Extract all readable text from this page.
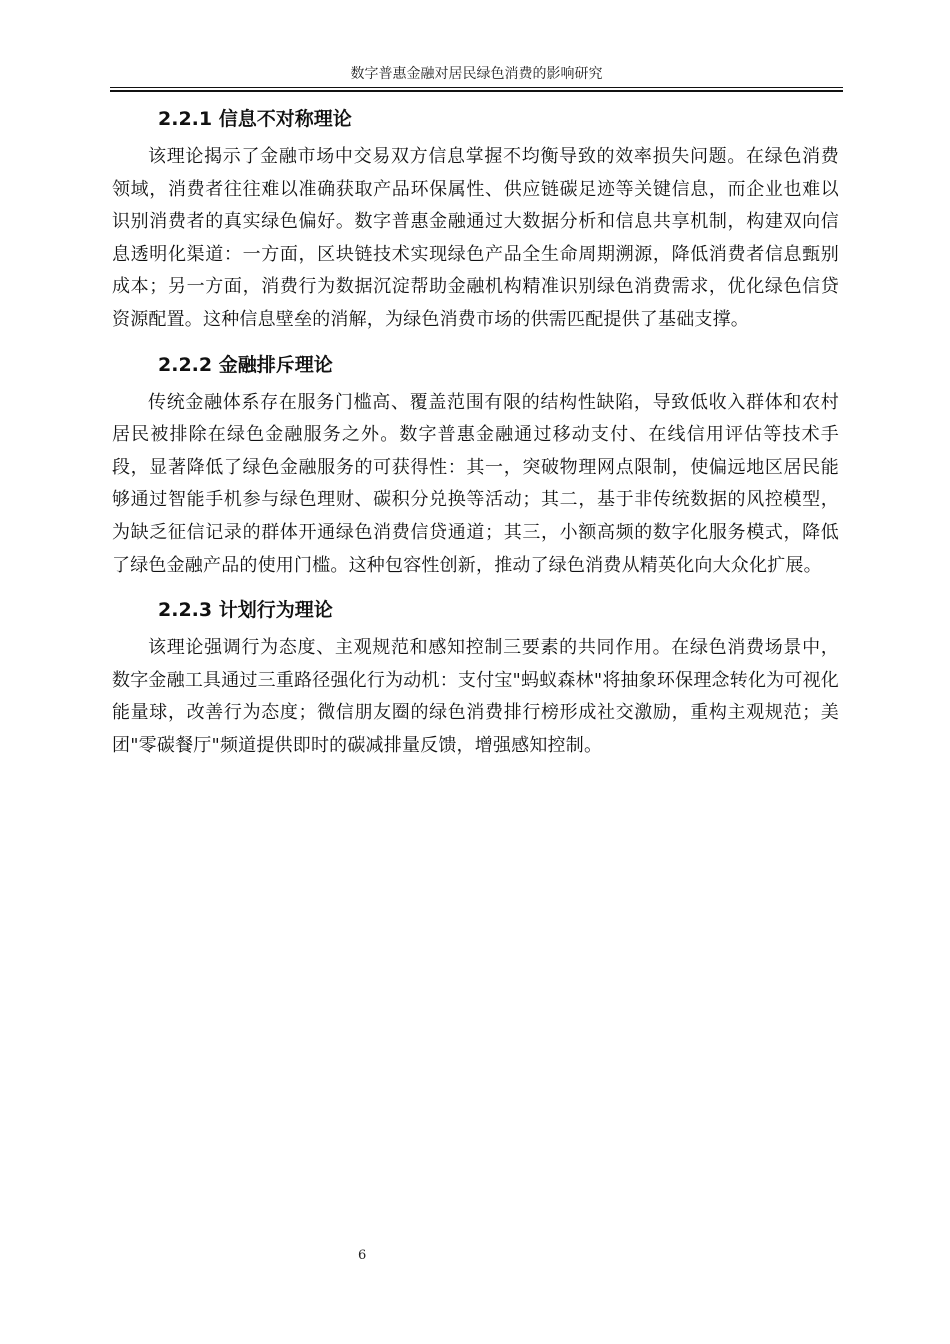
数字普惠金融对居民绿色消费的影响研究
2.2.1 信息不对称理论

该理论揭示了金融市场中交易双方信息掌握不均衡导致的效率损失问题。在绿色消费领域，消费者往往难以准确获取产品环保属性、供应链碳足迹等关键信息，而企业也难以识别消费者的真实绿色偏好。数字普惠金融通过大数据分析和信息共享机制，构建双向信息透明化渠道：一方面，区块链技术实现绿色产品全生命周期溯源，降低消费者信息甄别成本；另一方面，消费行为数据沉淀帮助金融机构精准识别绿色消费需求，优化绿色信贷资源配置。这种信息壁垒的消解，为绿色消费市场的供需匹配提供了基础支撑。

2.2.2 金融排斥理论

传统金融体系存在服务门槛高、覆盖范围有限的结构性缺陷，导致低收入群体和农村居民被排除在绿色金融服务之外。数字普惠金融通过移动支付、在线信用评估等技术手段，显著降低了绿色金融服务的可获得性：其一，突破物理网点限制，使偏远地区居民能够通过智能手机参与绿色理财、碳积分兑换等活动；其二，基于非传统数据的风控模型，为缺乏征信记录的群体开通绿色消费信贷通道；其三，小额高频的数字化服务模式，降低了绿色金融产品的使用门槛。这种包容性创新，推动了绿色消费从精英化向大众化扩展。

2.2.3 计划行为理论

该理论强调行为态度、主观规范和感知控制三要素的共同作用。在绿色消费场景中，数字金融工具通过三重路径强化行为动机：支付宝"蚂蚁森林"将抽象环保理念转化为可视化能量球，改善行为态度；微信朋友圈的绿色消费排行榜形成社交激励，重构主观规范；美团"零碳餐厅"频道提供即时的碳减排量反馈，增强感知控制。

6
